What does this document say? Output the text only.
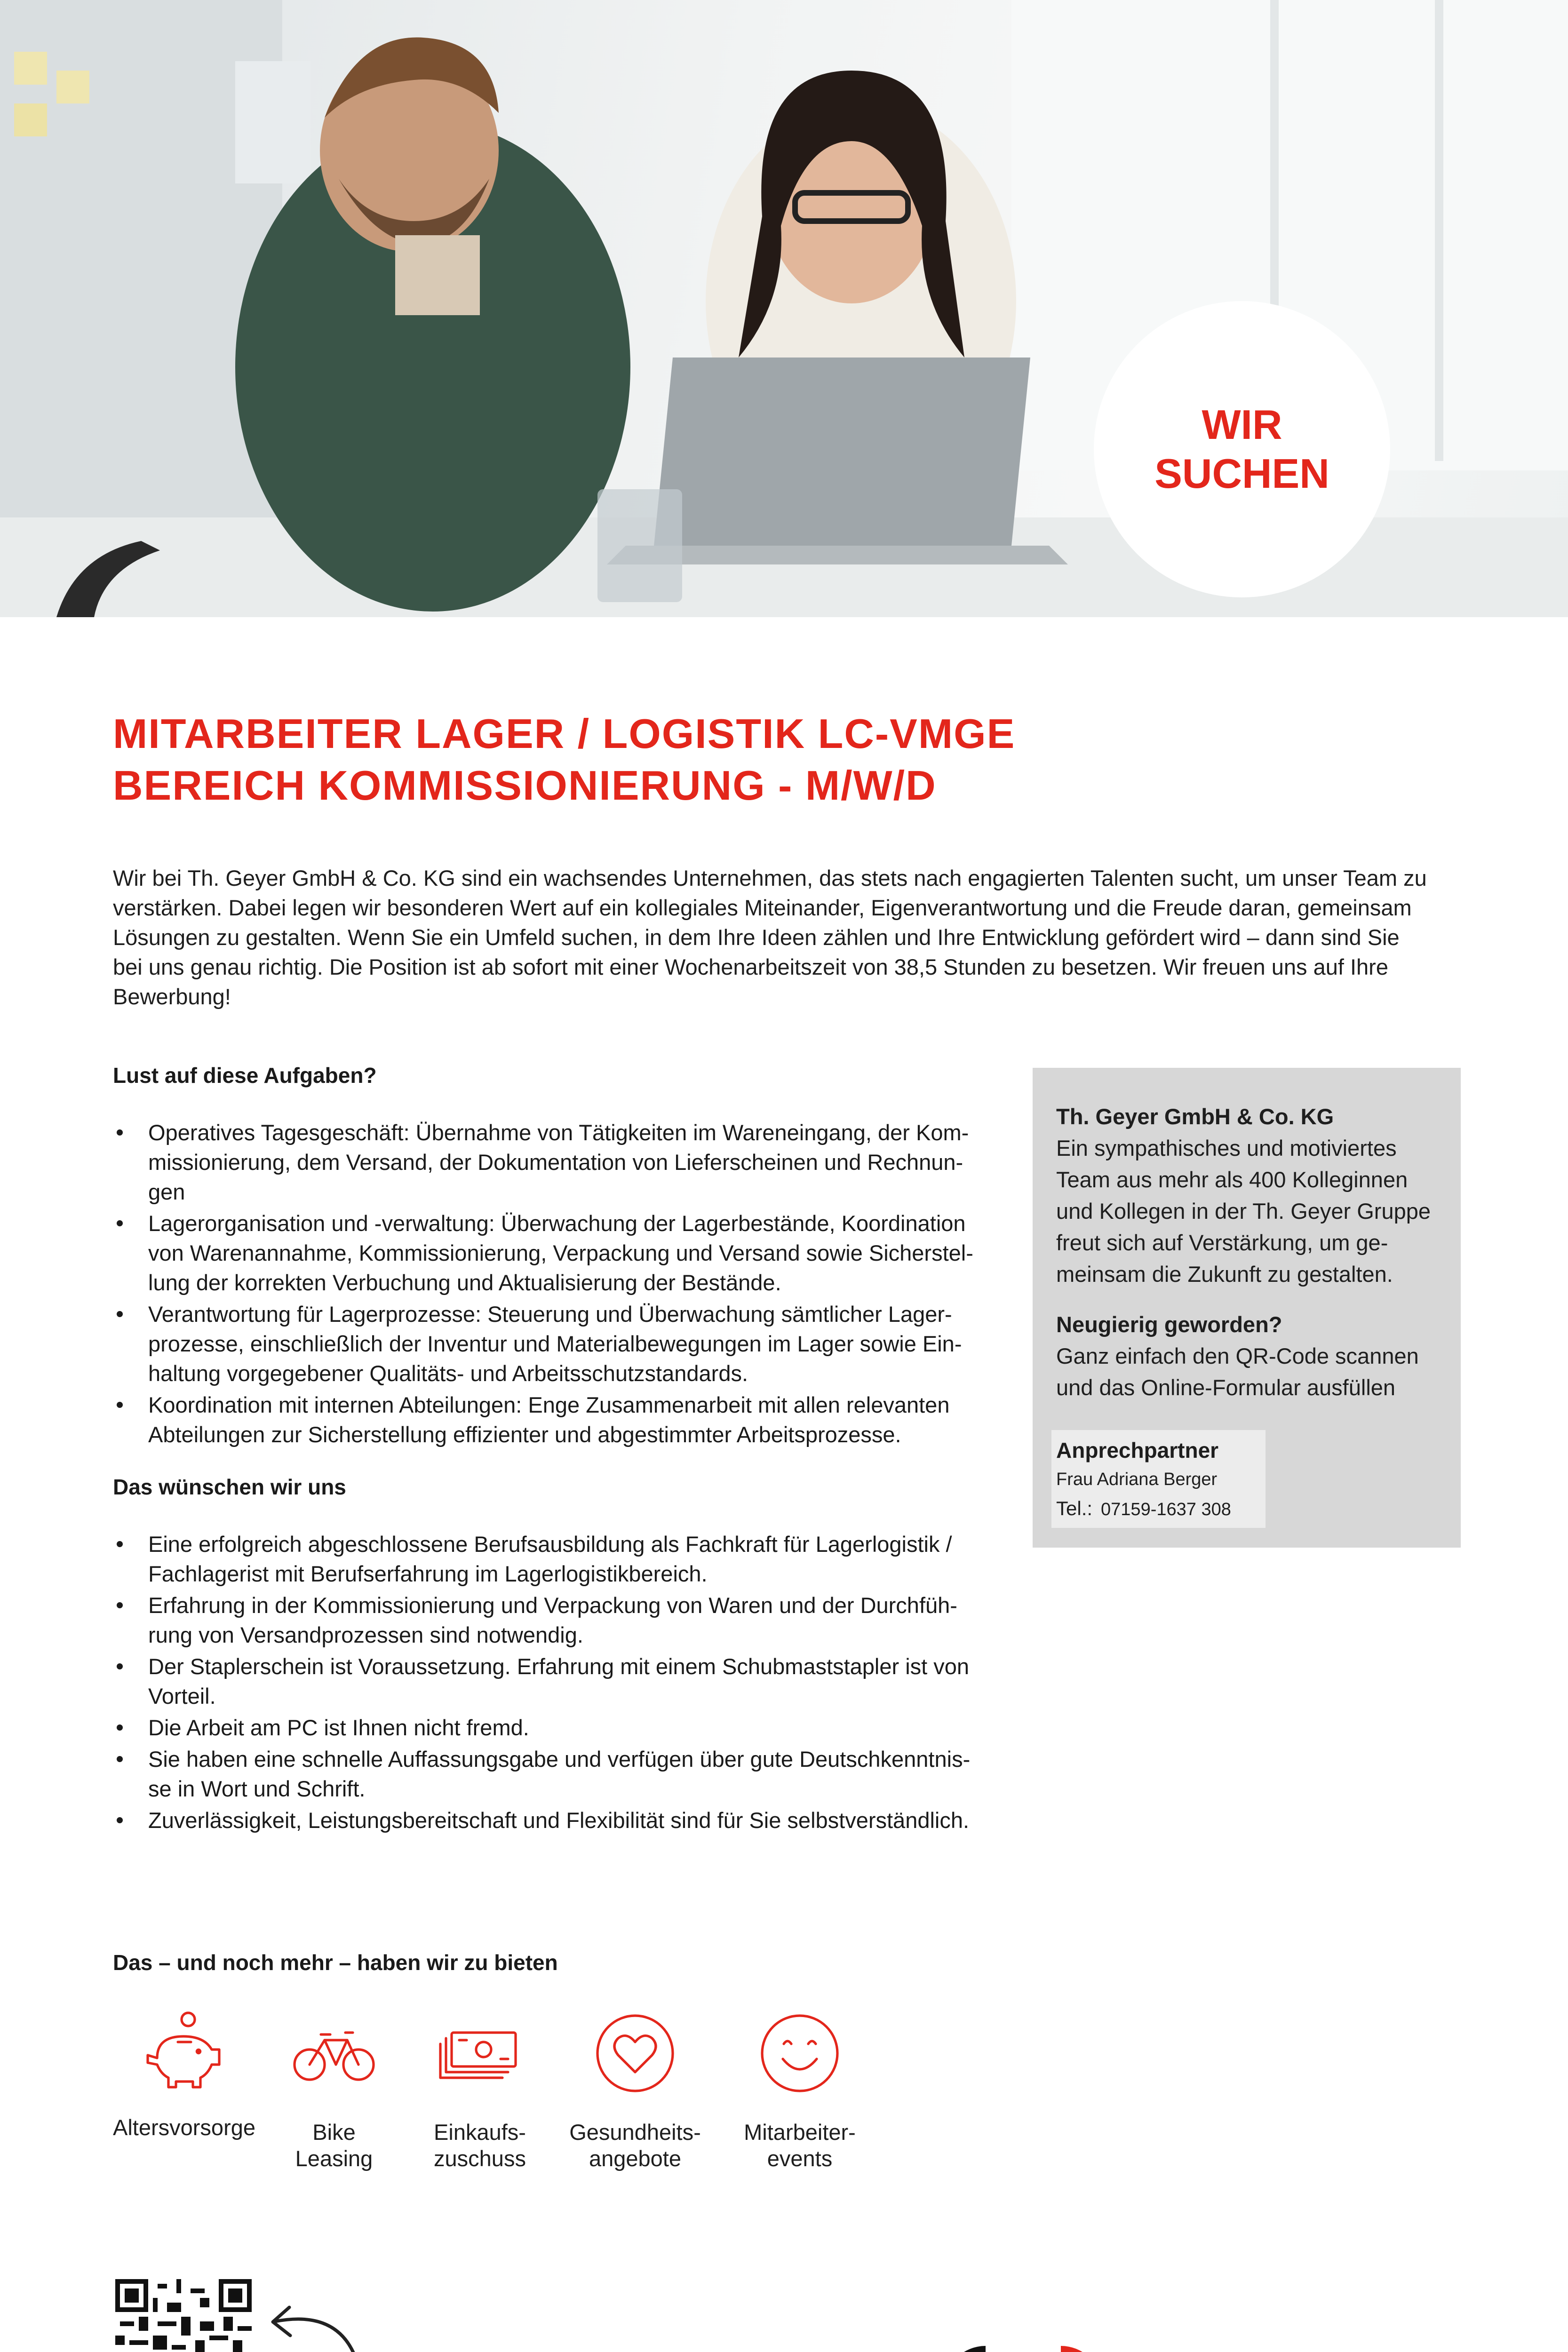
WIR
SUCHEN
MITARBEITER LAGER / LOGISTIK LC-VMGE
BEREICH KOMMISSIONIERUNG - M/W/D
Wir bei Th. Geyer GmbH & Co. KG sind ein wachsendes Unternehmen, das stets nach engagierten Talenten sucht, um unser Team zu
verstärken. Dabei legen wir besonderen Wert auf ein kollegiales Miteinander, Eigenverantwortung und die Freude daran, gemeinsam
Lösungen zu gestalten. Wenn Sie ein Umfeld suchen, in dem Ihre Ideen zählen und Ihre Entwicklung gefördert wird – dann sind Sie
bei uns genau richtig. Die Position ist ab sofort mit einer Wochenarbeitszeit von 38,5 Stunden zu besetzen. Wir freuen uns auf Ihre
Bewerbung!
Lust auf diese Aufgaben?
Operatives Tagesgeschäft: Übernahme von Tätigkeiten im Wareneingang, der Kom-
missionierung, dem Versand, der Dokumentation von Lieferscheinen und Rechnun-
gen
Lagerorganisation und -verwaltung: Überwachung der Lagerbestände, Koordination
von Warenannahme, Kommissionierung, Verpackung und Versand sowie Sicherstel-
lung der korrekten Verbuchung und Aktualisierung der Bestände.
Verantwortung für Lagerprozesse: Steuerung und Überwachung sämtlicher Lager-
prozesse, einschließlich der Inventur und Materialbewegungen im Lager sowie Ein-
haltung vorgegebener Qualitäts- und Arbeitsschutzstandards.
Koordination mit internen Abteilungen: Enge Zusammenarbeit mit allen relevanten
Abteilungen zur Sicherstellung effizienter und abgestimmter Arbeitsprozesse.
Das wünschen wir uns
Eine erfolgreich abgeschlossene Berufsausbildung als Fachkraft für Lagerlogistik /
Fachlagerist mit Berufserfahrung im Lagerlogistikbereich.
Erfahrung in der Kommissionierung und Verpackung von Waren und der Durchfüh-
rung von Versandprozessen sind notwendig.
Der Staplerschein ist Voraussetzung. Erfahrung mit einem Schubmaststapler ist von
Vorteil.
Die Arbeit am PC ist Ihnen nicht fremd.
Sie haben eine schnelle Auffassungsgabe und verfügen über gute Deutschkenntnis-
se in Wort und Schrift.
Zuverlässigkeit, Leistungsbereitschaft und Flexibilität sind für Sie selbstverständlich.
Th. Geyer GmbH & Co. KG
Ein sympathisches und motiviertes
Team aus mehr als 400 Kolleginnen
und Kollegen in der Th. Geyer Gruppe
freut sich auf Verstärkung, um ge-
meinsam die Zukunft zu gestalten.
Neugierig geworden?
Ganz einfach den QR-Code scannen
und das Online-Formular ausfüllen
Anprechpartner
Frau Adriana Berger
Tel.: 07159-1637 308
Das – und noch mehr – haben wir zu bieten
Altersvorsorge	Bike
Leasing
Einkaufs-
zuschuss
Gesundheits-
angebote
Mitarbeiter-
events
